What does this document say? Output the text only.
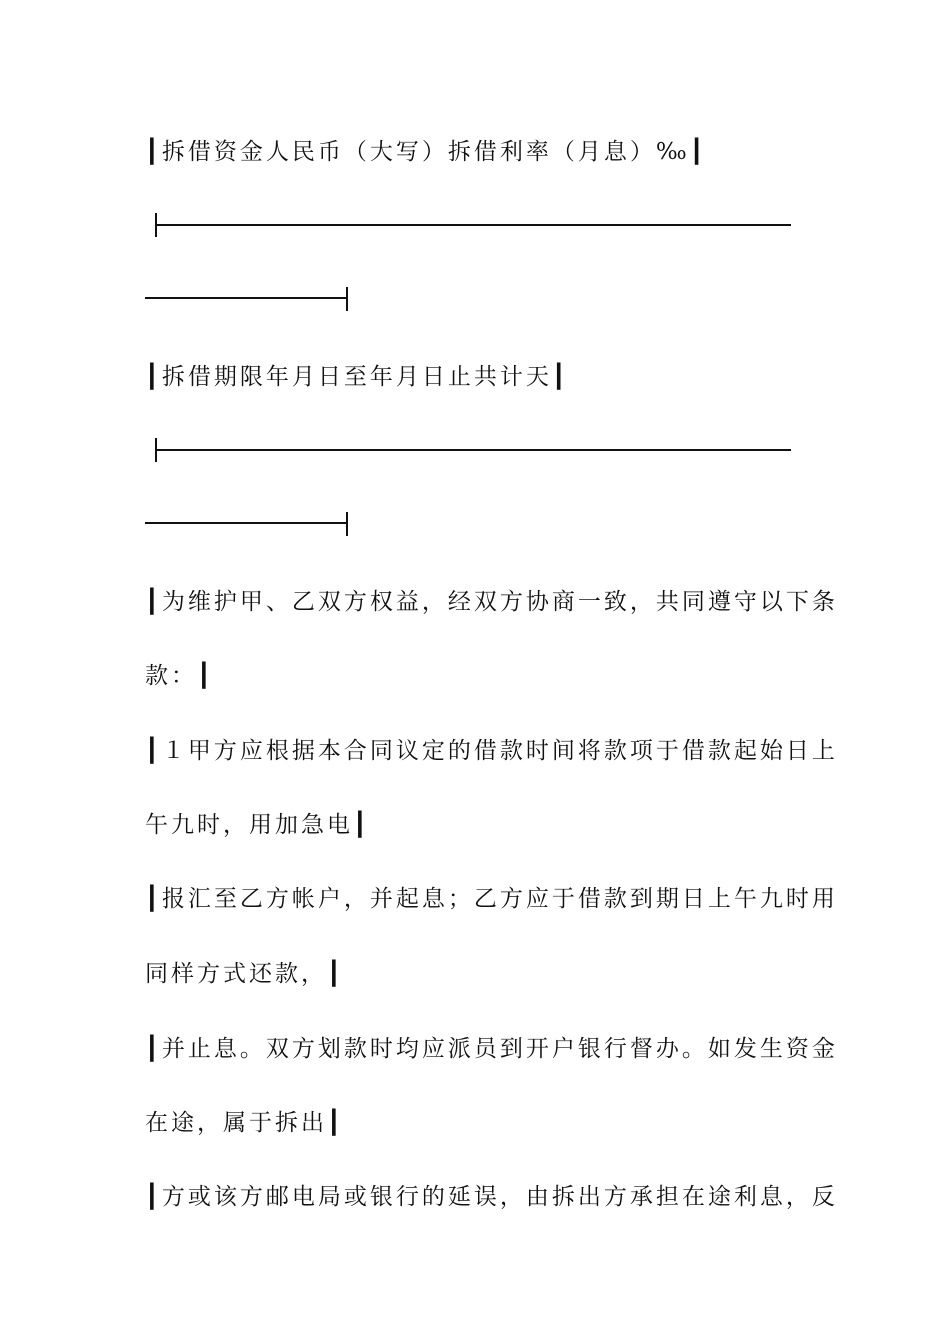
┃拆借资金人民币（大写）拆借利率（月息）‰┃
┃拆借期限年月日至年月日止共计天┃
┃为维护甲、乙双方权益，经双方协商一致，共同遵守以下条
款：┃
┃１甲方应根据本合同议定的借款时间将款项于借款起始日上
午九时，用加急电┃
┃报汇至乙方帐户，并起息；乙方应于借款到期日上午九时用
同样方式还款，┃
┃并止息。双方划款时均应派员到开户银行督办。如发生资金
在途，属于拆出┃
┃方或该方邮电局或银行的延误，由拆出方承担在途利息，反
